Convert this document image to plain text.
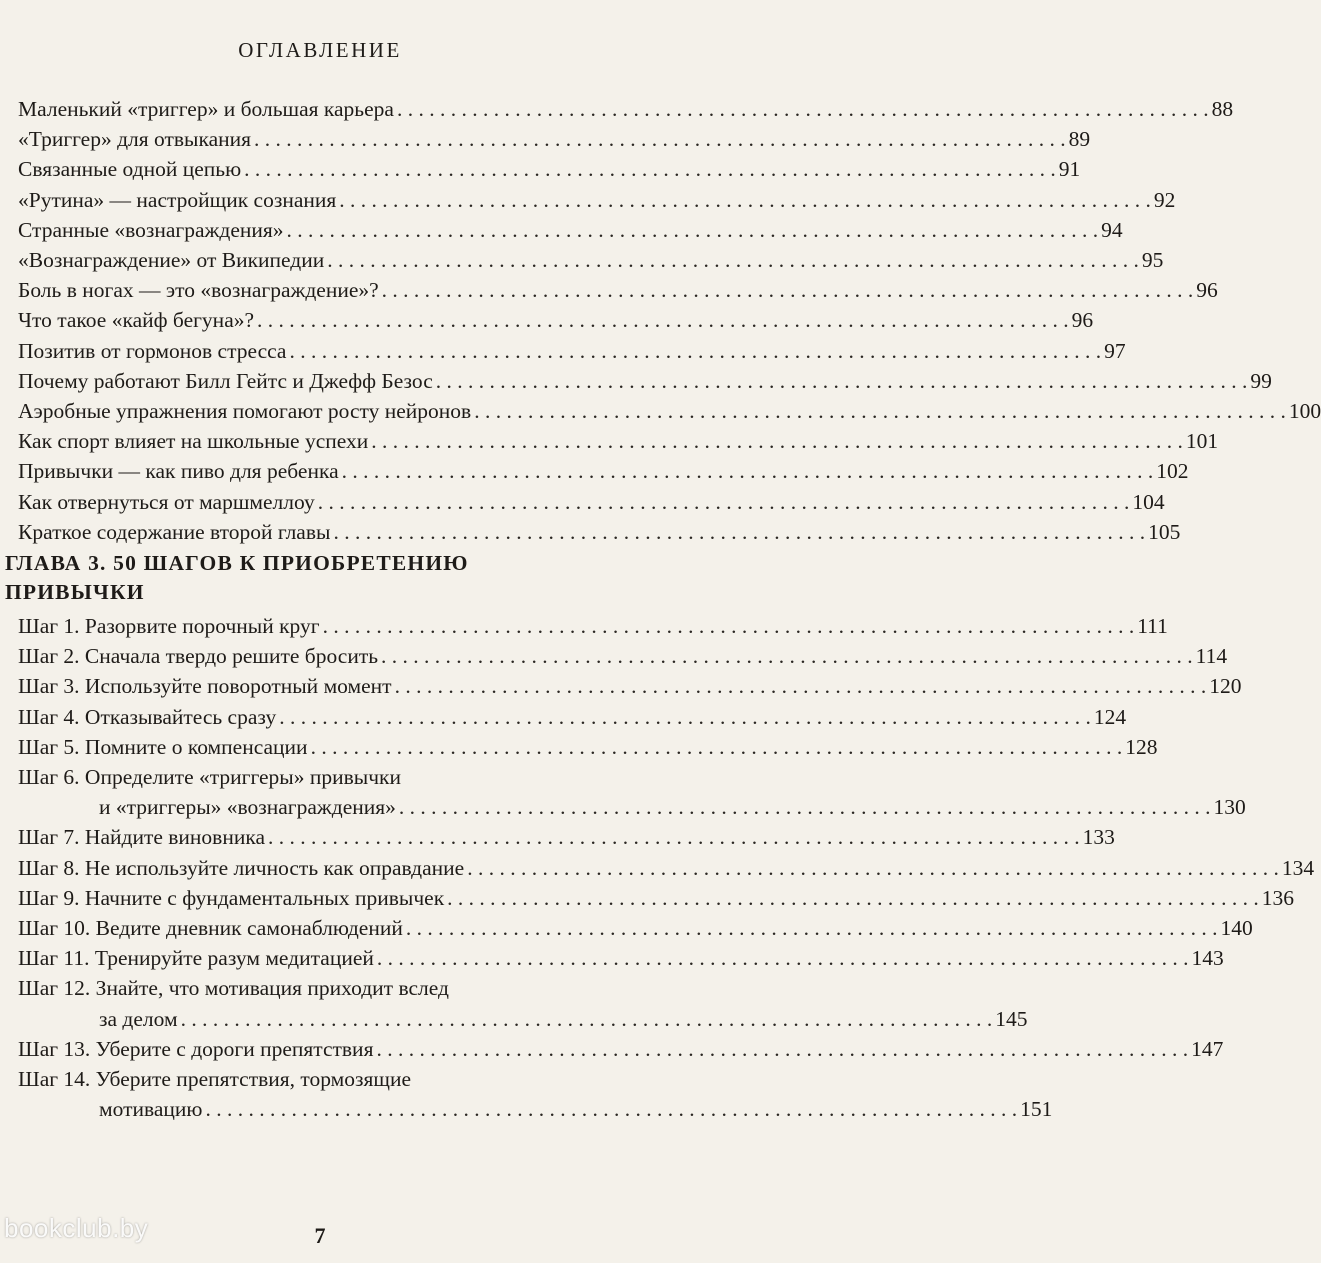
ОГЛАВЛЕНИЕ
Маленький «триггер» и большая карьера . . .	88
«Триггер» для отвыкания . . .	89
Связанные одной цепью . . .	91
«Рутина» — настройщик сознания . . .	92
Странные «вознаграждения» . . .	94
«Вознаграждение» от Википедии . . .	95
Боль в ногах — это «вознаграждение»? . . .	96
Что такое «кайф бегуна»? . . .	96
Позитив от гормонов стресса . . .	97
Почему работают Билл Гейтс и Джефф Безос . . .	99
Аэробные упражнения помогают росту нейронов . . .	100
Как спорт влияет на школьные успехи . . .	101
Привычки — как пиво для ребенка . . .	102
Как отвернуться от маршмеллоу . . .	104
Краткое содержание второй главы . . .	105
ГЛАВА 3. 50 ШАГОВ К ПРИОБРЕТЕНИЮ
ПРИВЫЧКИ
Шаг 1. Разорвите порочный круг . . .	111
Шаг 2. Сначала твердо решите бросить . . .	114
Шаг 3. Используйте поворотный момент . . .	120
Шаг 4. Отказывайтесь сразу . . .	124
Шаг 5. Помните о компенсации . . .	128
Шаг 6. Определите «триггеры» привычки
и «триггеры» «вознаграждения» . . .	130
Шаг 7. Найдите виновника . . .	133
Шаг 8. Не используйте личность как оправдание . . .	134
Шаг 9. Начните с фундаментальных привычек . . .	136
Шаг 10. Ведите дневник самонаблюдений . . .	140
Шаг 11. Тренируйте разум медитацией . . .	143
Шаг 12. Знайте, что мотивация приходит вслед
за делом . . .	145
Шаг 13. Уберите с дороги препятствия . . .	147
Шаг 14. Уберите препятствия, тормозящие
мотивацию . . .	151
bookclub.by	7
